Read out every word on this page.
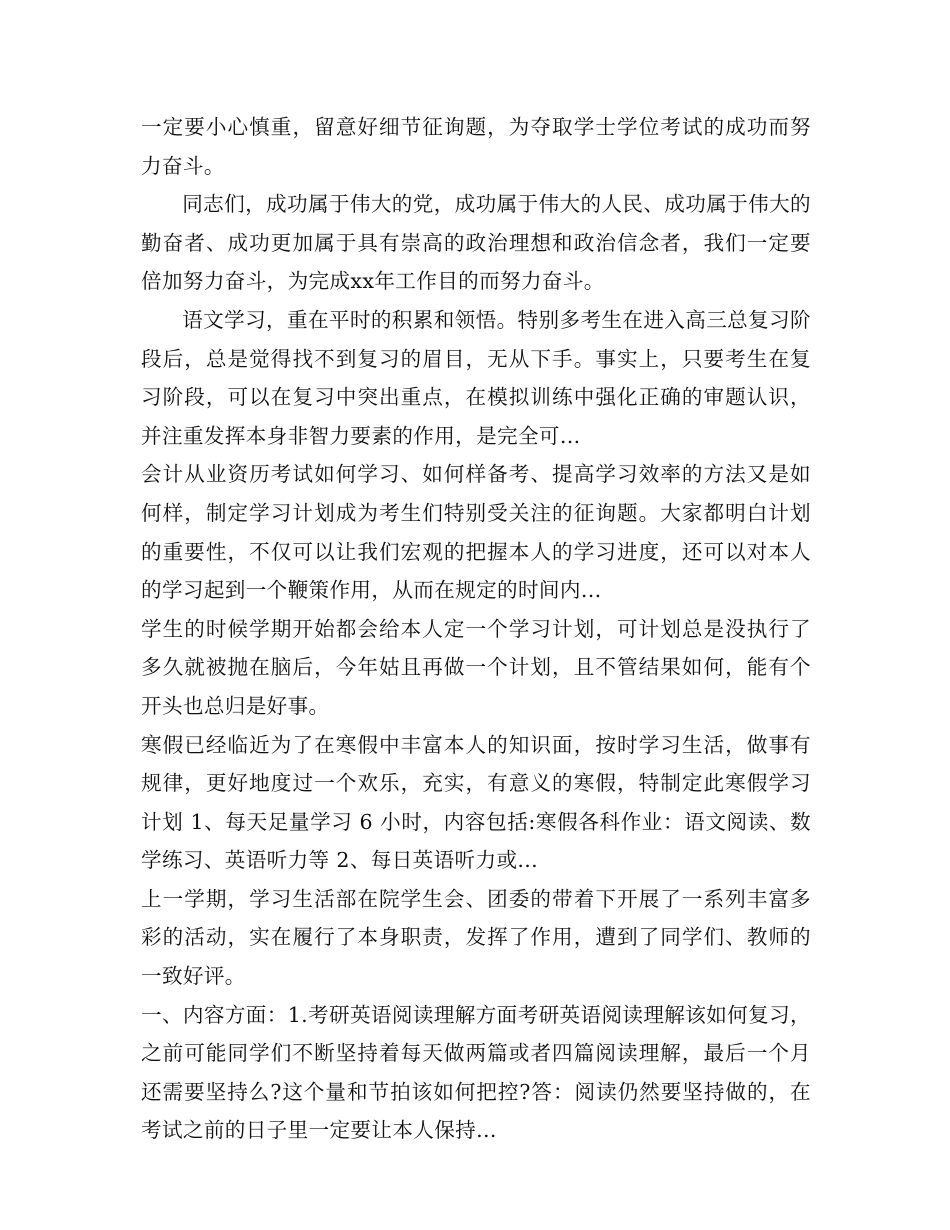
一定要小心慎重，留意好细节征询题，为夺取学士学位考试的成功而努力奋斗。

同志们，成功属于伟大的党，成功属于伟大的人民、成功属于伟大的勤奋者、成功更加属于具有崇高的政治理想和政治信念者，我们一定要倍加努力奋斗，为完成xx年工作目的而努力奋斗。

语文学习，重在平时的积累和领悟。特别多考生在进入高三总复习阶段后，总是觉得找不到复习的眉目，无从下手。事实上，只要考生在复习阶段，可以在复习中突出重点，在模拟训练中强化正确的审题认识，并注重发挥本身非智力要素的作用，是完全可...

会计从业资历考试如何学习、如何样备考、提高学习效率的方法又是如何样，制定学习计划成为考生们特别受关注的征询题。大家都明白计划的重要性，不仅可以让我们宏观的把握本人的学习进度，还可以对本人的学习起到一个鞭策作用，从而在规定的时间内...

学生的时候学期开始都会给本人定一个学习计划，可计划总是没执行了多久就被抛在脑后，今年姑且再做一个计划，且不管结果如何，能有个开头也总归是好事。

寒假已经临近为了在寒假中丰富本人的知识面，按时学习生活，做事有规律，更好地度过一个欢乐，充实，有意义的寒假，特制定此寒假学习计划 1、每天足量学习 6 小时，内容包括:寒假各科作业：语文阅读、数学练习、英语听力等 2、每日英语听力或...

上一学期，学习生活部在院学生会、团委的带着下开展了一系列丰富多彩的活动，实在履行了本身职责，发挥了作用，遭到了同学们、教师的一致好评。

一、内容方面：1.考研英语阅读理解方面考研英语阅读理解该如何复习，之前可能同学们不断坚持着每天做两篇或者四篇阅读理解，最后一个月还需要坚持么?这个量和节拍该如何把控?答：阅读仍然要坚持做的，在考试之前的日子里一定要让本人保持...
